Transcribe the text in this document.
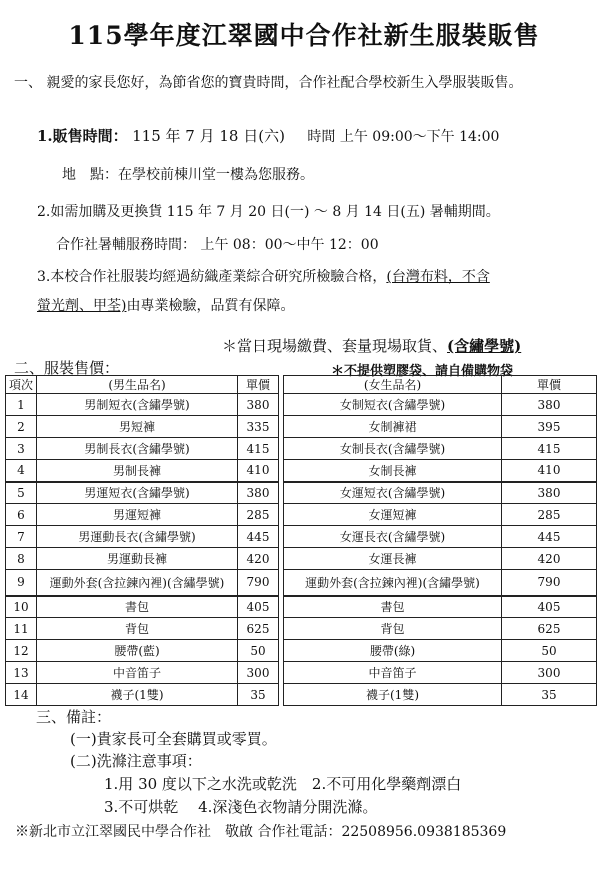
115學年度江翠國中合作社新生服裝販售
一、 親愛的家長您好，為節省您的寶貴時間，合作社配合學校新生入學服裝販售。
1.販售時間： 115 年 7 月 18 日(六) 時間 上午 09:00～下午 14:00
地　點：在學校前棟川堂一樓為您服務。
2.如需加購及更換貨 115 年 7 月 20 日(一) ～ 8 月 14 日(五) 暑輔期間。
合作社暑輔服務時間： 上午 08：00～中午 12：00
3.本校合作社服裝均經過紡織產業綜合研究所檢驗合格，(台灣布料，不含
螢光劑、甲荃)由專業檢驗，品質有保障。
＊當日現場繳費、套量現場取貨、(含繡學號)
二、服裝售價：	＊不提供塑膠袋、請自備購物袋
項次	(男生品名)	單價		(女生品名)	單價
1	男制短衣(含繡學號)	380		女制短衣(含繡學號)	380
2	男短褲	335		女制褲裙	395
3	男制長衣(含繡學號)	415		女制長衣(含繡學號)	415
4	男制長褲	410		女制長褲	410
5	男運短衣(含繡學號)	380		女運短衣(含繡學號)	380
6	男運短褲	285		女運短褲	285
7	男運動長衣(含繡學號)	445		女運長衣(含繡學號)	445
8	男運動長褲	420		女運長褲	420
9	運動外套(含拉鍊內裡)(含繡學號)	790		運動外套(含拉鍊內裡)(含繡學號)	790
10	書包	405		書包	405
11	背包	625		背包	625
12	腰帶(藍)	50		腰帶(綠)	50
13	中音笛子	300		中音笛子	300
14	襪子(1雙)	35		襪子(1雙)	35
三、備註：
(一)貴家長可全套購買或零買。
(二)洗滌注意事項：
1.用 30 度以下之水洗或乾洗　2.不可用化學藥劑漂白
3.不可烘乾　 4.深淺色衣物請分開洗滌。
※新北市立江翠國民中學合作社　敬啟 合作社電話：22508956.0938185369
